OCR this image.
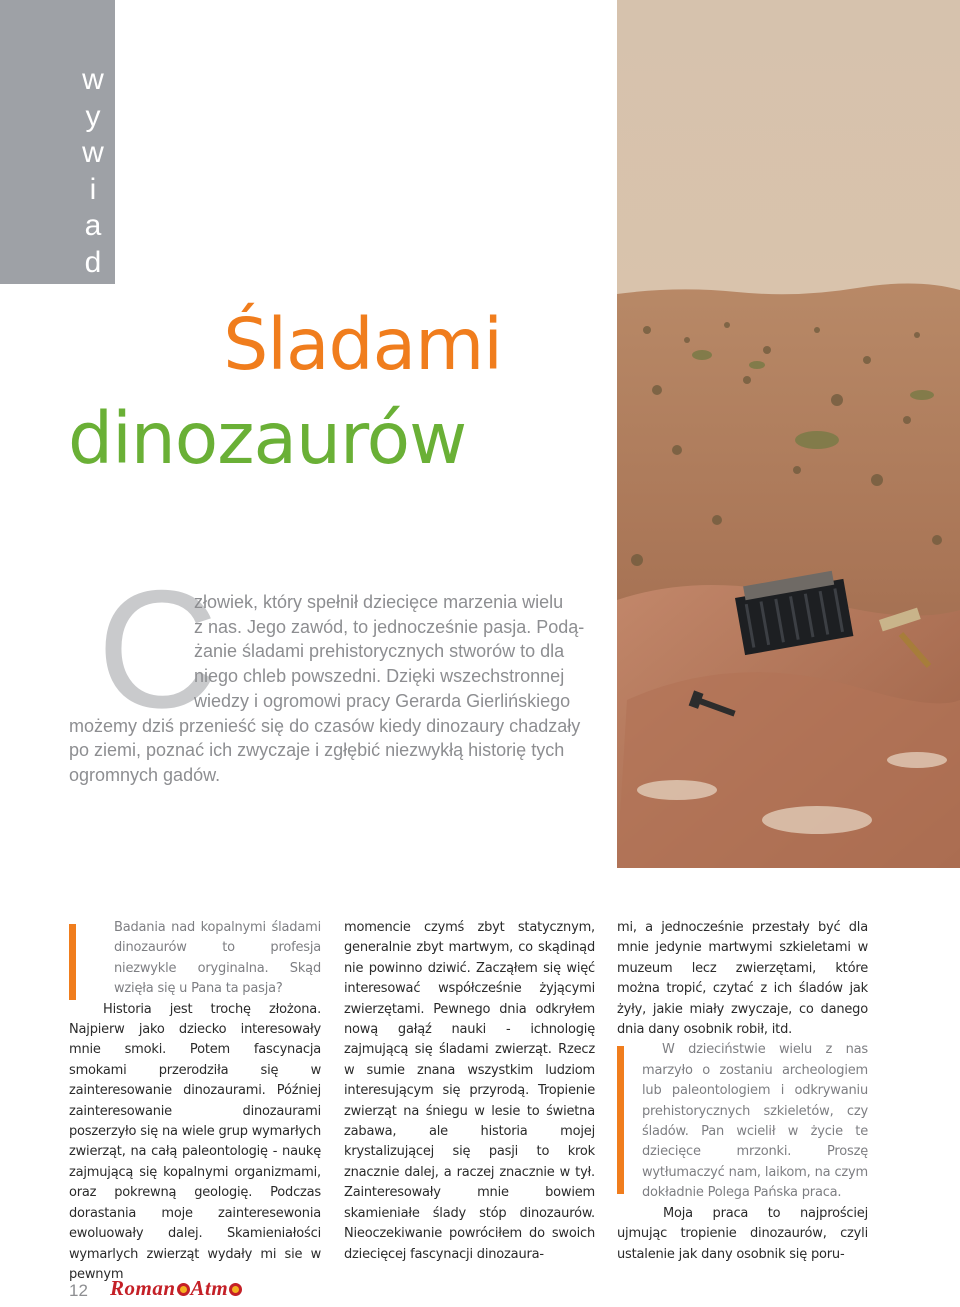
w
y
w
i
a
d
Śladami
dinozaurów
C
złowiek, który spełnił dziecięce marzenia wielu
z nas. Jego zawód, to jednocześnie pasja. Podą-
żanie śladami prehistorycznych stworów to dla
niego chleb powszedni. Dzięki wszechstronnej
wiedzy i ogromowi pracy Gerarda Gierlińskiego
możemy dziś przenieść się do czasów kiedy dinozaury chadzały
po ziemi, poznać ich zwyczaje i zgłębić niezwykłą historię tych
ogromnych gadów.

Badania nad kopalnymi śladami dinozaurów to profesja niezwykle oryginalna. Skąd wzięła się u Pana ta pasja?

Historia jest trochę złożona. Najpierw jako dziecko interesowały mnie smoki. Potem fascynacja smokami przerodziła się w zainteresowanie dinozaurami. Później zainteresowanie dinozaurami poszerzyło się na wiele grup wymarłych zwierząt, na całą paleontologię - naukę zajmującą się kopalnymi organizmami, oraz pokrewną geologię. Podczas dorastania moje zainteresewonia ewoluowały dalej. Skamieniałości wymarlych zwierząt wydały mi sie w pewnym

momencie czymś zbyt statycznym, generalnie zbyt martwym, co skądinąd nie powinno dziwić. Zacząłem się więć interesować współcześnie żyjącymi zwierzętami. Pewnego dnia odkryłem nową gałąź nauki - ichnologię zajmującą się śladami zwierząt. Rzecz w sumie znana wszystkim ludziom interesującym się przyrodą. Tropienie zwierząt na śniegu w lesie to świetna zabawa, ale historia mojej krystalizującej się pasji to krok znacznie dalej, a raczej znacznie w tył. Zainteresowały mnie bowiem skamieniałe ślady stóp dinozaurów. Nieoczekiwanie powróciłem do swoich dziecięcej fascynacji dinozaura-

mi, a jednocześnie przestały być dla mnie jedynie martwymi szkieletami w muzeum lecz zwierzętami, które można tropić, czytać z ich śladów jak żyły, jakie miały zwyczaje, co danego dnia dany osobnik robił, itd.

W dzieciństwie wielu z nas marzyło o zostaniu archeologiem lub paleontologiem i odkrywaniu prehistorycznych szkieletów, czy śladów. Pan wcielił w życie te dziecięce mrzonki. Proszę wytłumaczyć nam, laikom, na czym dokładnie Polega Pańska praca.

Moja praca to najprościej ujmując tropienie dinozaurów, czyli ustalenie jak dany osobnik się poru-

12 Roman Atm
